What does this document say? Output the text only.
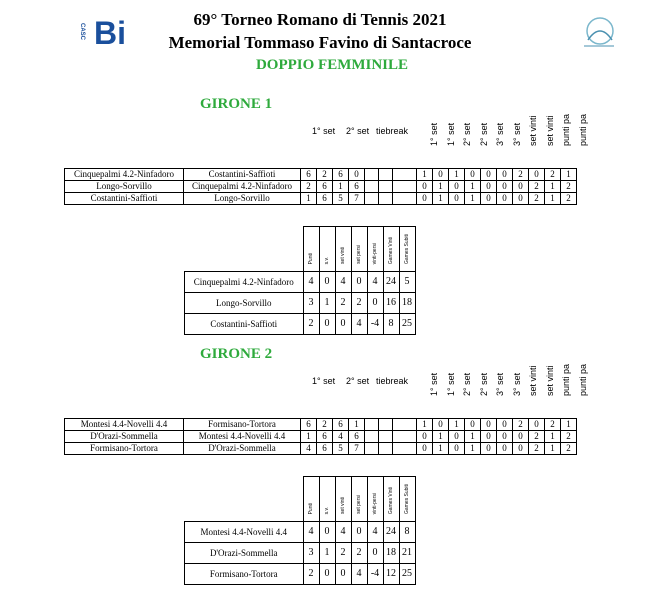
CASC Bi	69° Torneo Romano di Tennis 2021
Memorial Tommaso Favino di Santacroce
DOPPIO FEMMINILE
GIRONE 1
1° set 2° set tiebreak 1° set 1° set 2° set 2° set 3° set 3° set set vinti set vinti punti pa punti pa
Cinquepalmi 4.2-Ninfadoro	Costantini-Saffioti	6	2	6	0				1	0	1	0	0	0	2	0	2	1
Longo-Sorvillo	Cinquepalmi 4.2-Ninfadoro	2	6	1	6				0	1	0	1	0	0	0	2	1	2
Costantini-Saffioti	Longo-Sorvillo	1	6	5	7				0	1	0	1	0	0	0	2	1	2
	Punti	s.v.	set vinti	set persi	vinti-persi	Games Vinti	Games Subiti
Cinquepalmi 4.2-Ninfadoro	4	0	4	0	4	24	5
Longo-Sorvillo	3	1	2	2	0	16	18
Costantini-Saffioti	2	0	0	4	-4	8	25
GIRONE 2
1° set 2° set tiebreak 1° set 1° set 2° set 2° set 3° set 3° set set vinti set vinti punti pa punti pa
Montesi 4.4-Novelli 4.4	Formisano-Tortora	6	2	6	1				1	0	1	0	0	0	2	0	2	1
D'Orazi-Sommella	Montesi 4.4-Novelli 4.4	1	6	4	6				0	1	0	1	0	0	0	2	1	2
Formisano-Tortora	D'Orazi-Sommella	4	6	5	7				0	1	0	1	0	0	0	2	1	2
	Punti	s.v.	set vinti	set persi	vinti-persi	Games Vinti	Games Subiti
Montesi 4.4-Novelli 4.4	4	0	4	0	4	24	8
D'Orazi-Sommella	3	1	2	2	0	18	21
Formisano-Tortora	2	0	0	4	-4	12	25
